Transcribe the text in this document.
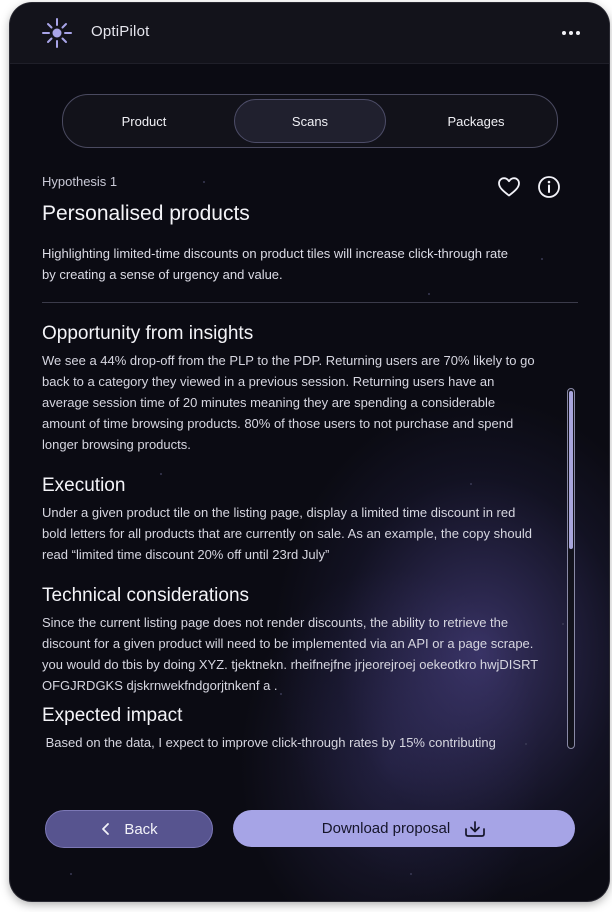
OptiPilot
Product	Scans	Packages
Hypothesis 1
Personalised products
Highlighting limited-time discounts on product tiles will increase click-through rate by creating a sense of urgency and value.
Opportunity from insights

We see a 44% drop-off from the PLP to the PDP. Returning users are 70% likely to go back to a category they viewed in a previous session. Returning users have an average session time of 20 minutes meaning they are spending a considerable amount of time browsing products. 80% of those users to not purchase and spend longer browsing products.

Execution

Under a given product tile on the listing page, display a limited time discount in red bold letters for all products that are currently on sale. As an example, the copy should read “limited time discount 20% off until 23rd July”

Technical considerations

Since the current listing page does not render discounts, the ability to retrieve the discount for a given product will need to be implemented via an API or a page scrape. you would do tbis by doing XYZ. tjektnekn. rheifnejfne jrjeorejroej oekeotkro hwjDISRT OFGJRDGKS djskrnwekfndgorjtnkenf a .

Expected impact

Based on the data, I expect to improve click-through rates by 15% contributing

Back	Download proposal
